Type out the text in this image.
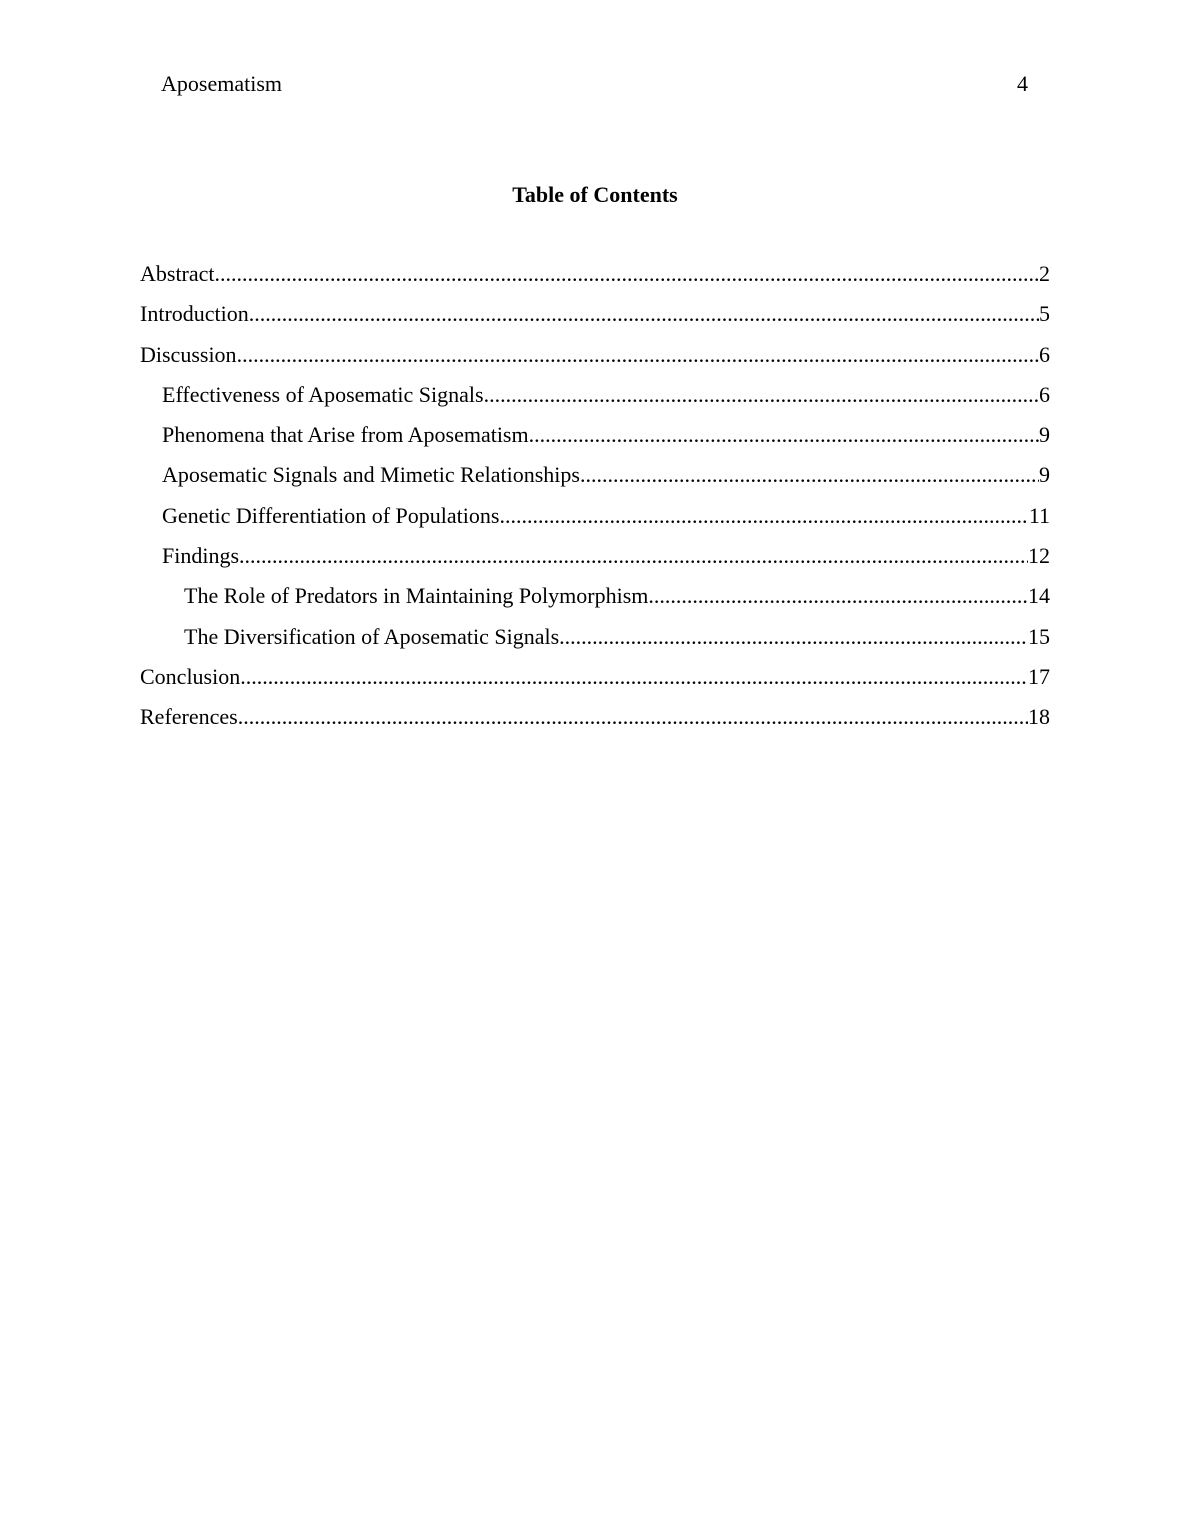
Aposematism	4
Table of Contents
Abstract .....	2
Introduction .....	5
Discussion .....	6
Effectiveness of Aposematic Signals .....	6
Phenomena that Arise from Aposematism .....	9
Aposematic Signals and Mimetic Relationships .....	9
Genetic Differentiation of Populations .....	11
Findings .....	12
The Role of Predators in Maintaining Polymorphism .....	14
The Diversification of Aposematic Signals .....	15
Conclusion .....	17
References .....	18
